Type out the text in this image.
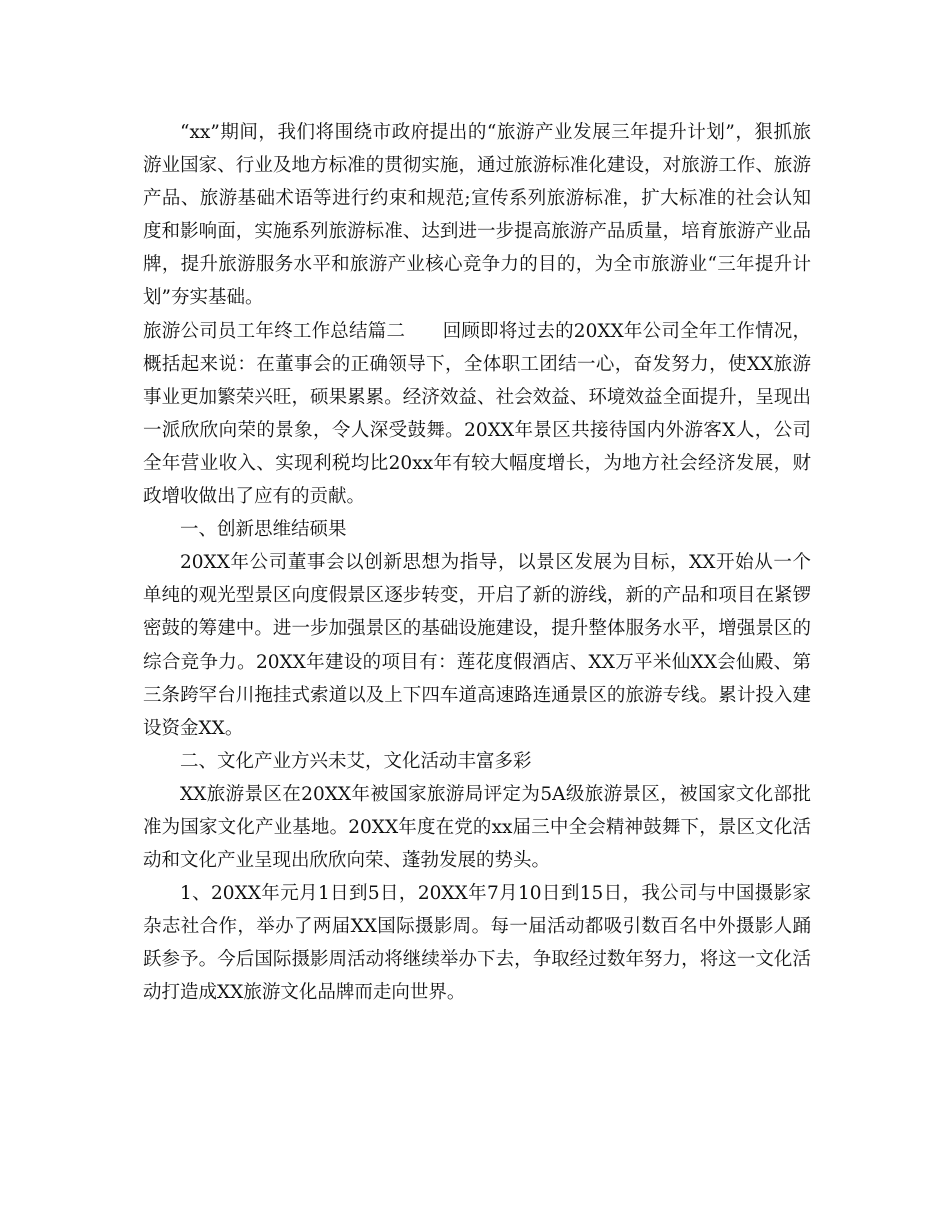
“xx”期间，我们将围绕市政府提出的“旅游产业发展三年提升计划”，狠抓旅游业国家、行业及地方标准的贯彻实施，通过旅游标准化建设，对旅游工作、旅游产品、旅游基础术语等进行约束和规范;宣传系列旅游标准，扩大标准的社会认知度和影响面，实施系列旅游标准、达到进一步提高旅游产品质量，培育旅游产业品牌，提升旅游服务水平和旅游产业核心竞争力的目的，为全市旅游业“三年提升计划”夯实基础。

旅游公司员工年终工作总结篇二　　回顾即将过去的20XX年公司全年工作情况，概括起来说：在董事会的正确领导下，全体职工团结一心，奋发努力，使XX旅游事业更加繁荣兴旺，硕果累累。经济效益、社会效益、环境效益全面提升，呈现出一派欣欣向荣的景象，令人深受鼓舞。20XX年景区共接待国内外游客X人，公司全年营业收入、实现利税均比20xx年有较大幅度增长，为地方社会经济发展，财政增收做出了应有的贡献。

一、创新思维结硕果

20XX年公司董事会以创新思想为指导，以景区发展为目标，XX开始从一个单纯的观光型景区向度假景区逐步转变，开启了新的游线，新的产品和项目在紧锣密鼓的筹建中。进一步加强景区的基础设施建设，提升整体服务水平，增强景区的综合竞争力。20XX年建设的项目有：莲花度假酒店、XX万平米仙XX会仙殿、第三条跨罕台川拖挂式索道以及上下四车道高速路连通景区的旅游专线。累计投入建设资金XX。

二、文化产业方兴未艾，文化活动丰富多彩

XX旅游景区在20XX年被国家旅游局评定为5A级旅游景区，被国家文化部批准为国家文化产业基地。20XX年度在党的xx届三中全会精神鼓舞下，景区文化活动和文化产业呈现出欣欣向荣、蓬勃发展的势头。

1、20XX年元月1日到5日，20XX年7月10日到15日，我公司与中国摄影家杂志社合作，举办了两届XX国际摄影周。每一届活动都吸引数百名中外摄影人踊跃参予。今后国际摄影周活动将继续举办下去，争取经过数年努力，将这一文化活动打造成XX旅游文化品牌而走向世界。
